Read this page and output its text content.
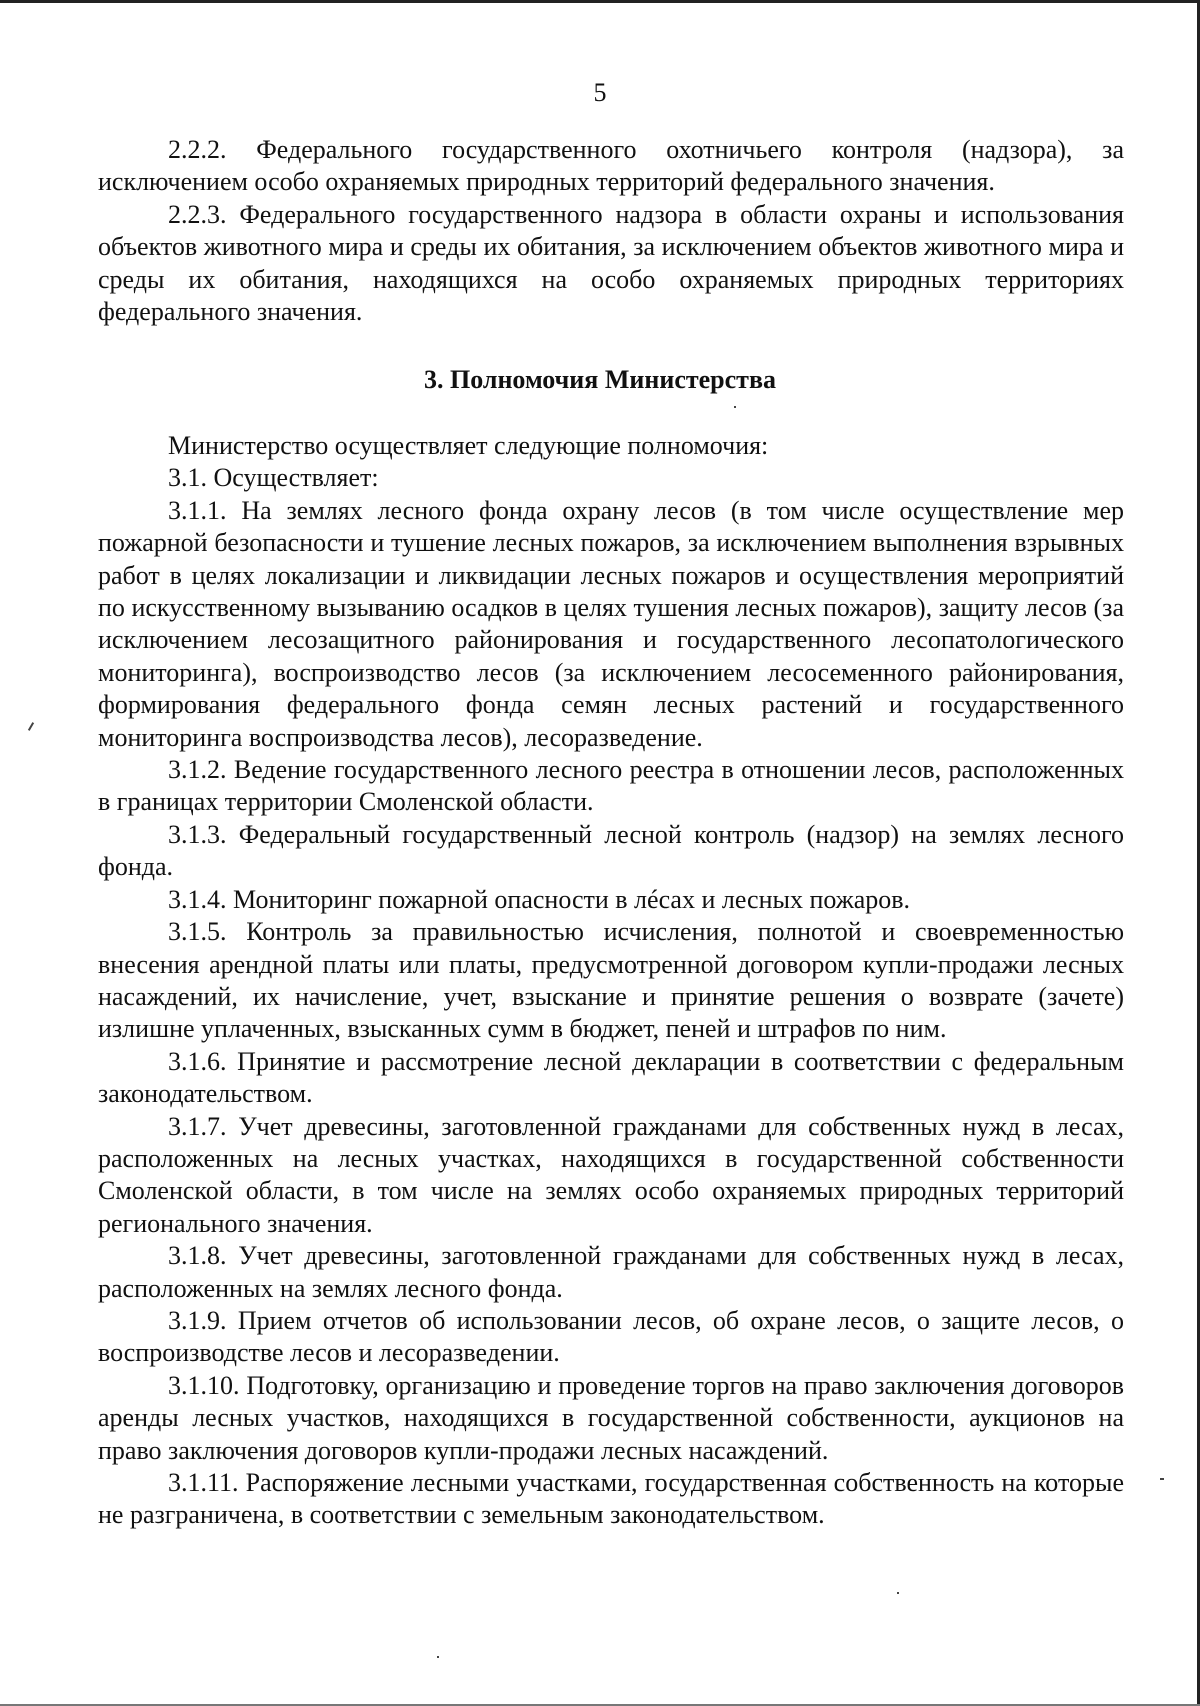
5

2.2.2. Федерального государственного охотничьего контроля (надзора), за исключением особо охраняемых природных территорий федерального значения.

2.2.3. Федерального государственного надзора в области охраны и использования объектов животного мира и среды их обитания, за исключением объектов животного мира и среды их обитания, находящихся на особо охраняемых природных территориях федерального значения.

3. Полномочия Министерства

Министерство осуществляет следующие полномочия:

3.1. Осуществляет:

3.1.1. На землях лесного фонда охрану лесов (в том числе осуществление мер пожарной безопасности и тушение лесных пожаров, за исключением выполнения взрывных работ в целях локализации и ликвидации лесных пожаров и осуществления мероприятий по искусственному вызыванию осадков в целях тушения лесных пожаров), защиту лесов (за исключением лесозащитного районирования и государственного лесопатологического мониторинга), воспроизводство лесов (за исключением лесосеменного районирования, формирования федерального фонда семян лесных растений и государственного мониторинга воспроизводства лесов), лесоразведение.

3.1.2. Ведение государственного лесного реестра в отношении лесов, расположенных в границах территории Смоленской области.

3.1.3. Федеральный государственный лесной контроль (надзор) на землях лесного фонда.

3.1.4. Мониторинг пожарной опасности в лéсах и лесных пожаров.

3.1.5. Контроль за правильностью исчисления, полнотой и своевременностью внесения арендной платы или платы, предусмотренной договором купли-продажи лесных насаждений, их начисление, учет, взыскание и принятие решения о возврате (зачете) излишне уплаченных, взысканных сумм в бюджет, пеней и штрафов по ним.

3.1.6. Принятие и рассмотрение лесной декларации в соответствии с федеральным законодательством.

3.1.7. Учет древесины, заготовленной гражданами для собственных нужд в лесах, расположенных на лесных участках, находящихся в государственной собственности Смоленской области, в том числе на землях особо охраняемых природных территорий регионального значения.

3.1.8. Учет древесины, заготовленной гражданами для собственных нужд в лесах, расположенных на землях лесного фонда.

3.1.9. Прием отчетов об использовании лесов, об охране лесов, о защите лесов, о воспроизводстве лесов и лесоразведении.

3.1.10. Подготовку, организацию и проведение торгов на право заключения договоров аренды лесных участков, находящихся в государственной собственности, аукционов на право заключения договоров купли-продажи лесных насаждений.

3.1.11. Распоряжение лесными участками, государственная собственность на которые не разграничена, в соответствии с земельным законодательством.
